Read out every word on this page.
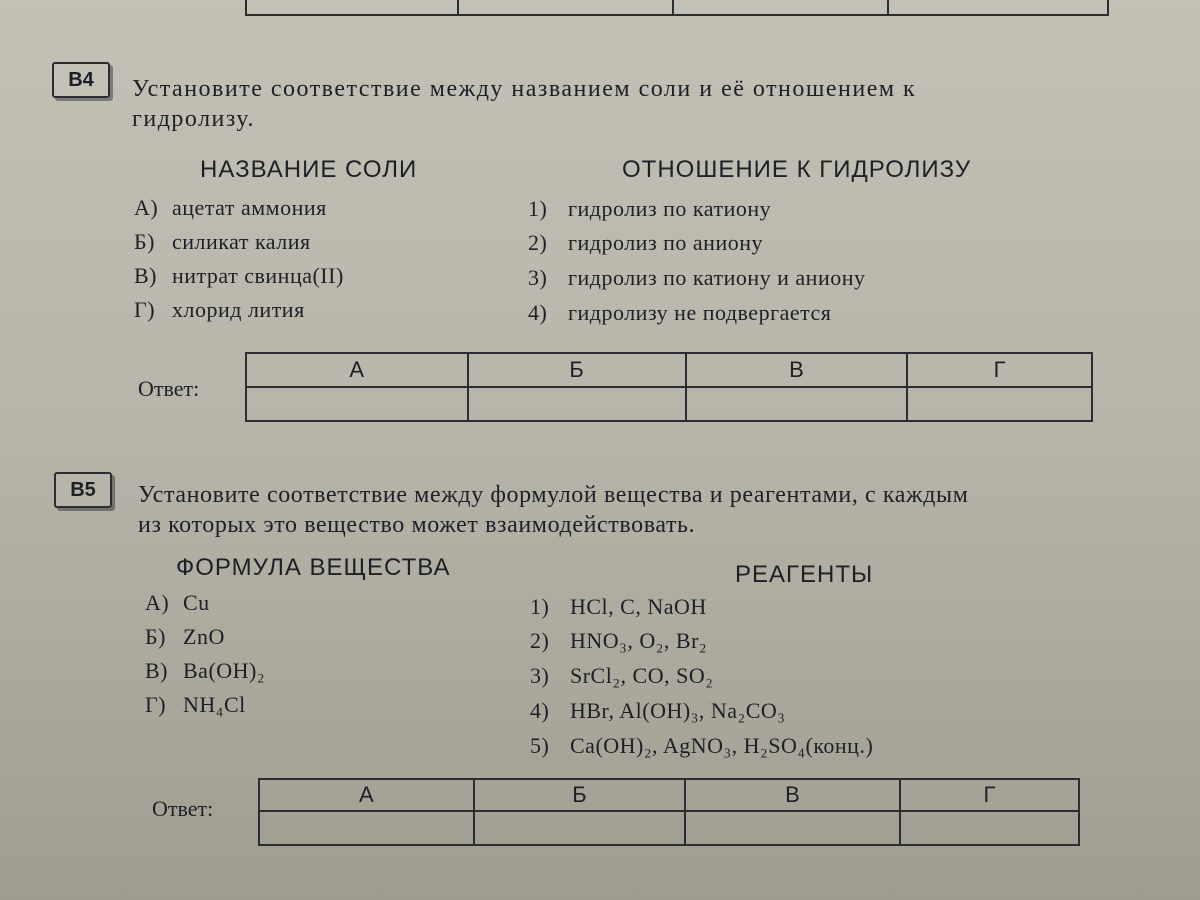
B4	Установите соответствие между названием соли и её отношением к
гидролизу.
НАЗВАНИЕ СОЛИ	ОТНОШЕНИЕ К ГИДРОЛИЗУ
А) ацетат аммония
Б) силикат калия
В) нитрат свинца(II)
Г) хлорид лития
1) гидролиз по катиону
2) гидролиз по аниону
3) гидролиз по катиону и аниону
4) гидролизу не подвергается
Ответ:
А	Б	В	Г

B5	Установите соответствие между формулой вещества и реагентами, с каждым
из которых это вещество может взаимодействовать.
ФОРМУЛА ВЕЩЕСТВА	РЕАГЕНТЫ
А) Cu
Б) ZnO
В) Ba(OH)₂
Г) NH₄Cl
1) HCl, C, NaOH
2) HNO₃, O₂, Br₂
3) SrCl₂, CO, SO₂
4) HBr, Al(OH)₃, Na₂CO₃
5) Ca(OH)₂, AgNO₃, H₂SO₄(конц.)
Ответ:
А	Б	В	Г
